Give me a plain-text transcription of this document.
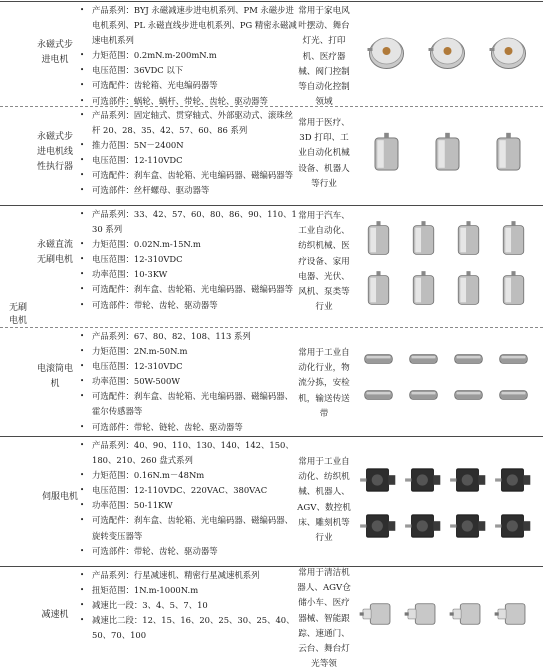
无刷电机
永磁式步进电机
• 产品系列：BYJ 永磁减速步进电机系列、PM 永磁步进电机系列、PL 永磁直线步进电机系列、PG 精密永磁减速电机系列
• 力矩范围：0.2mN.m-200mN.m
• 电压范围：36VDC 以下
• 可选配件：齿轮箱、光电编码器等
• 可选部件：蜗轮、蜗杆、带轮、齿轮、驱动器等
常用于家电风叶摆动、舞台灯光、打印机、医疗器械、阀门控制等自动化控制领域
永磁式步进电机线性执行器
• 产品系列：固定轴式、贯穿轴式、外部驱动式、滚珠丝杆 20、28、35、42、57、60、86 系列
• 推力范围：5N－2400N
• 电压范围：12-110VDC
• 可选配件：刹车盒、齿轮箱、光电编码器、磁编码器等
• 可选部件：丝杆螺母、驱动器等
常用于医疗、3D 打印、工业自动化机械设备、机器人等行业
永磁直流无刷电机
• 产品系列：33、42、57、60、80、86、90、110、130 系列
• 力矩范围：0.02N.m-15N.m
• 电压范围：12-310VDC
• 功率范围：10-3KW
• 可选配件：刹车盒、齿轮箱、光电编码器、磁编码器等
• 可选部件：带轮、齿轮、驱动器等
常用于汽车、工业自动化、纺织机械、医疗设备、家用电器、光伏、风机、泵类等行业
电滚筒电机
• 产品系列：67、80、82、108、113 系列
• 力矩范围：2N.m-50N.m
• 电压范围：12-310VDC
• 功率范围：50W-500W
• 可选配件：刹车盒、齿轮箱、光电编码器、磁编码器、霍尔传感器等
• 可选部件：带轮、链轮、齿轮、驱动器等
常用于工业自动化行业，物流分拣，安检机，输送传送带
伺服电机
• 产品系列：40、90、110、130、140、142、150、180、210、260 盘式系列
• 力矩范围：0.16N.m－48Nm
• 电压范围：12-110VDC、220VAC、380VAC
• 功率范围：50-11KW
• 可选配件：刹车盒、齿轮箱、光电编码器、磁编码器、旋转变压器等
• 可选部件：带轮、齿轮、驱动器等
常用于工业自动化、纺织机械、机器人、AGV、数控机床、雕刻机等行业
减速机
• 产品系列：行星减速机、精密行星减速机系列
• 扭矩范围：1N.m-1000N.m
• 减速比一段：3、4、5、7、10
• 减速比二段：12、15、16、20、25、30、25、40、50、70、100
常用于清洁机器人、AGV仓储小车、医疗器械、智能跟踪、速通门、云台、舞台灯光等领
